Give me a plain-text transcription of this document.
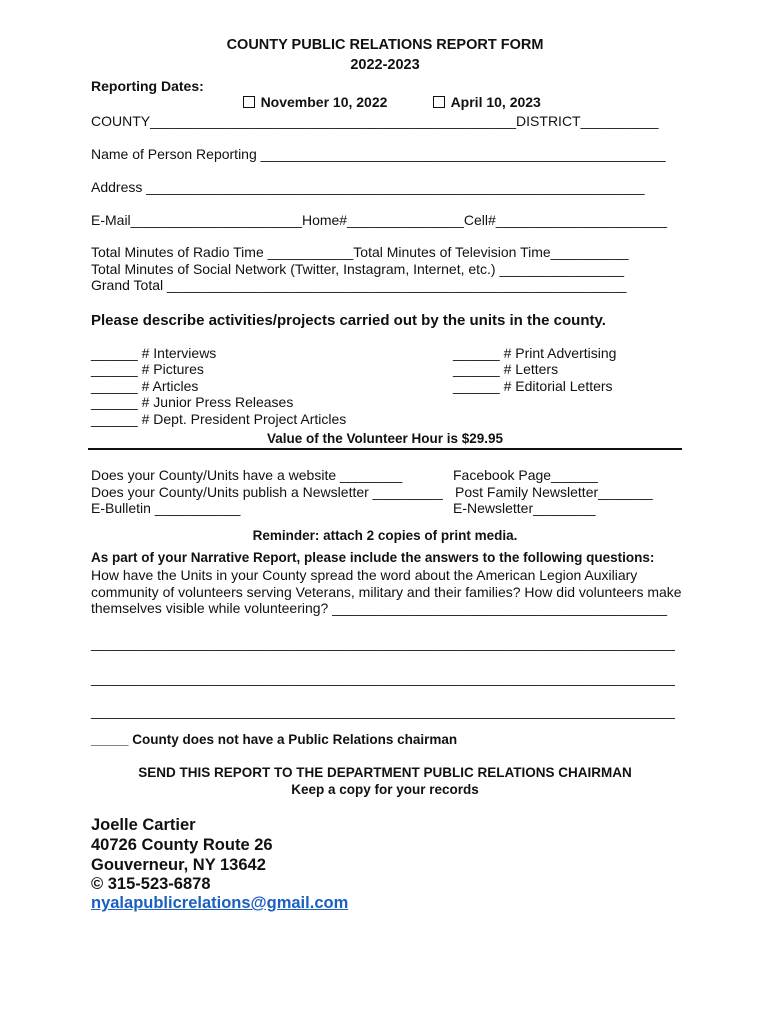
COUNTY PUBLIC RELATIONS REPORT FORM
2022-2023
Reporting Dates:

November 10, 2022
	April 10, 2023

COUNTY_______________________________________________DISTRICT__________
Name of Person Reporting ____________________________________________________
Address ________________________________________________________________
E-Mail______________________Home#_______________Cell#______________________
Total Minutes of Radio Time ___________Total Minutes of Television Time__________
Total Minutes of Social Network (Twitter, Instagram, Internet, etc.) ________________
Grand Total ___________________________________________________________
Please describe activities/projects carried out by the units in the county.
______ # Interviews
______ # Pictures
______ # Articles
______ # Junior Press Releases
______ # Dept. President Project Articles
______ # Print Advertising
______ # Letters
______ # Editorial Letters
Value of the Volunteer Hour is $29.95
Does your County/Units have a website ________
Does your County/Units publish a Newsletter _________
E-Bulletin ___________
Facebook Page______
Post Family Newsletter_______
E-Newsletter________
Reminder: attach 2 copies of print media.
As part of your Narrative Report, please include the answers to the following questions:
How have the Units in your County spread the word about the American Legion Auxiliary
community of volunteers serving Veterans, military and their families? How did volunteers make
themselves visible while volunteering? ___________________________________________
___________________________________________________________________________
___________________________________________________________________________
___________________________________________________________________________
_____ County does not have a Public Relations chairman
SEND THIS REPORT TO THE DEPARTMENT PUBLIC RELATIONS CHAIRMAN
Keep a copy for your records
Joelle Cartier
40726 County Route 26
Gouverneur, NY 13642
© 315-523-6878
nyalapublicrelations@gmail.com
